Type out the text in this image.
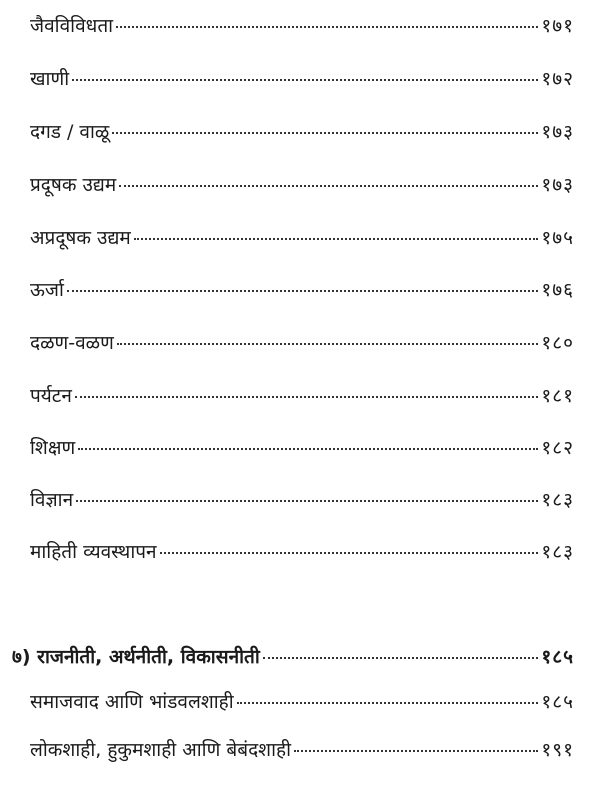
जैवविविधता	१७१
खाणी	१७२
दगड / वाळू	१७३
प्रदूषक उद्यम	१७३
अप्रदूषक उद्यम	१७५
ऊर्जा	१७६
दळण-वळण	१८०
पर्यटन	१८१
शिक्षण	१८२
विज्ञान	१८३
माहिती व्यवस्थापन	१८३
७) राजनीती, अर्थनीती, विकासनीती	१८५
समाजवाद आणि भांडवलशाही	१८५
लोकशाही, हुकुमशाही आणि बेबंदशाही	१९१
